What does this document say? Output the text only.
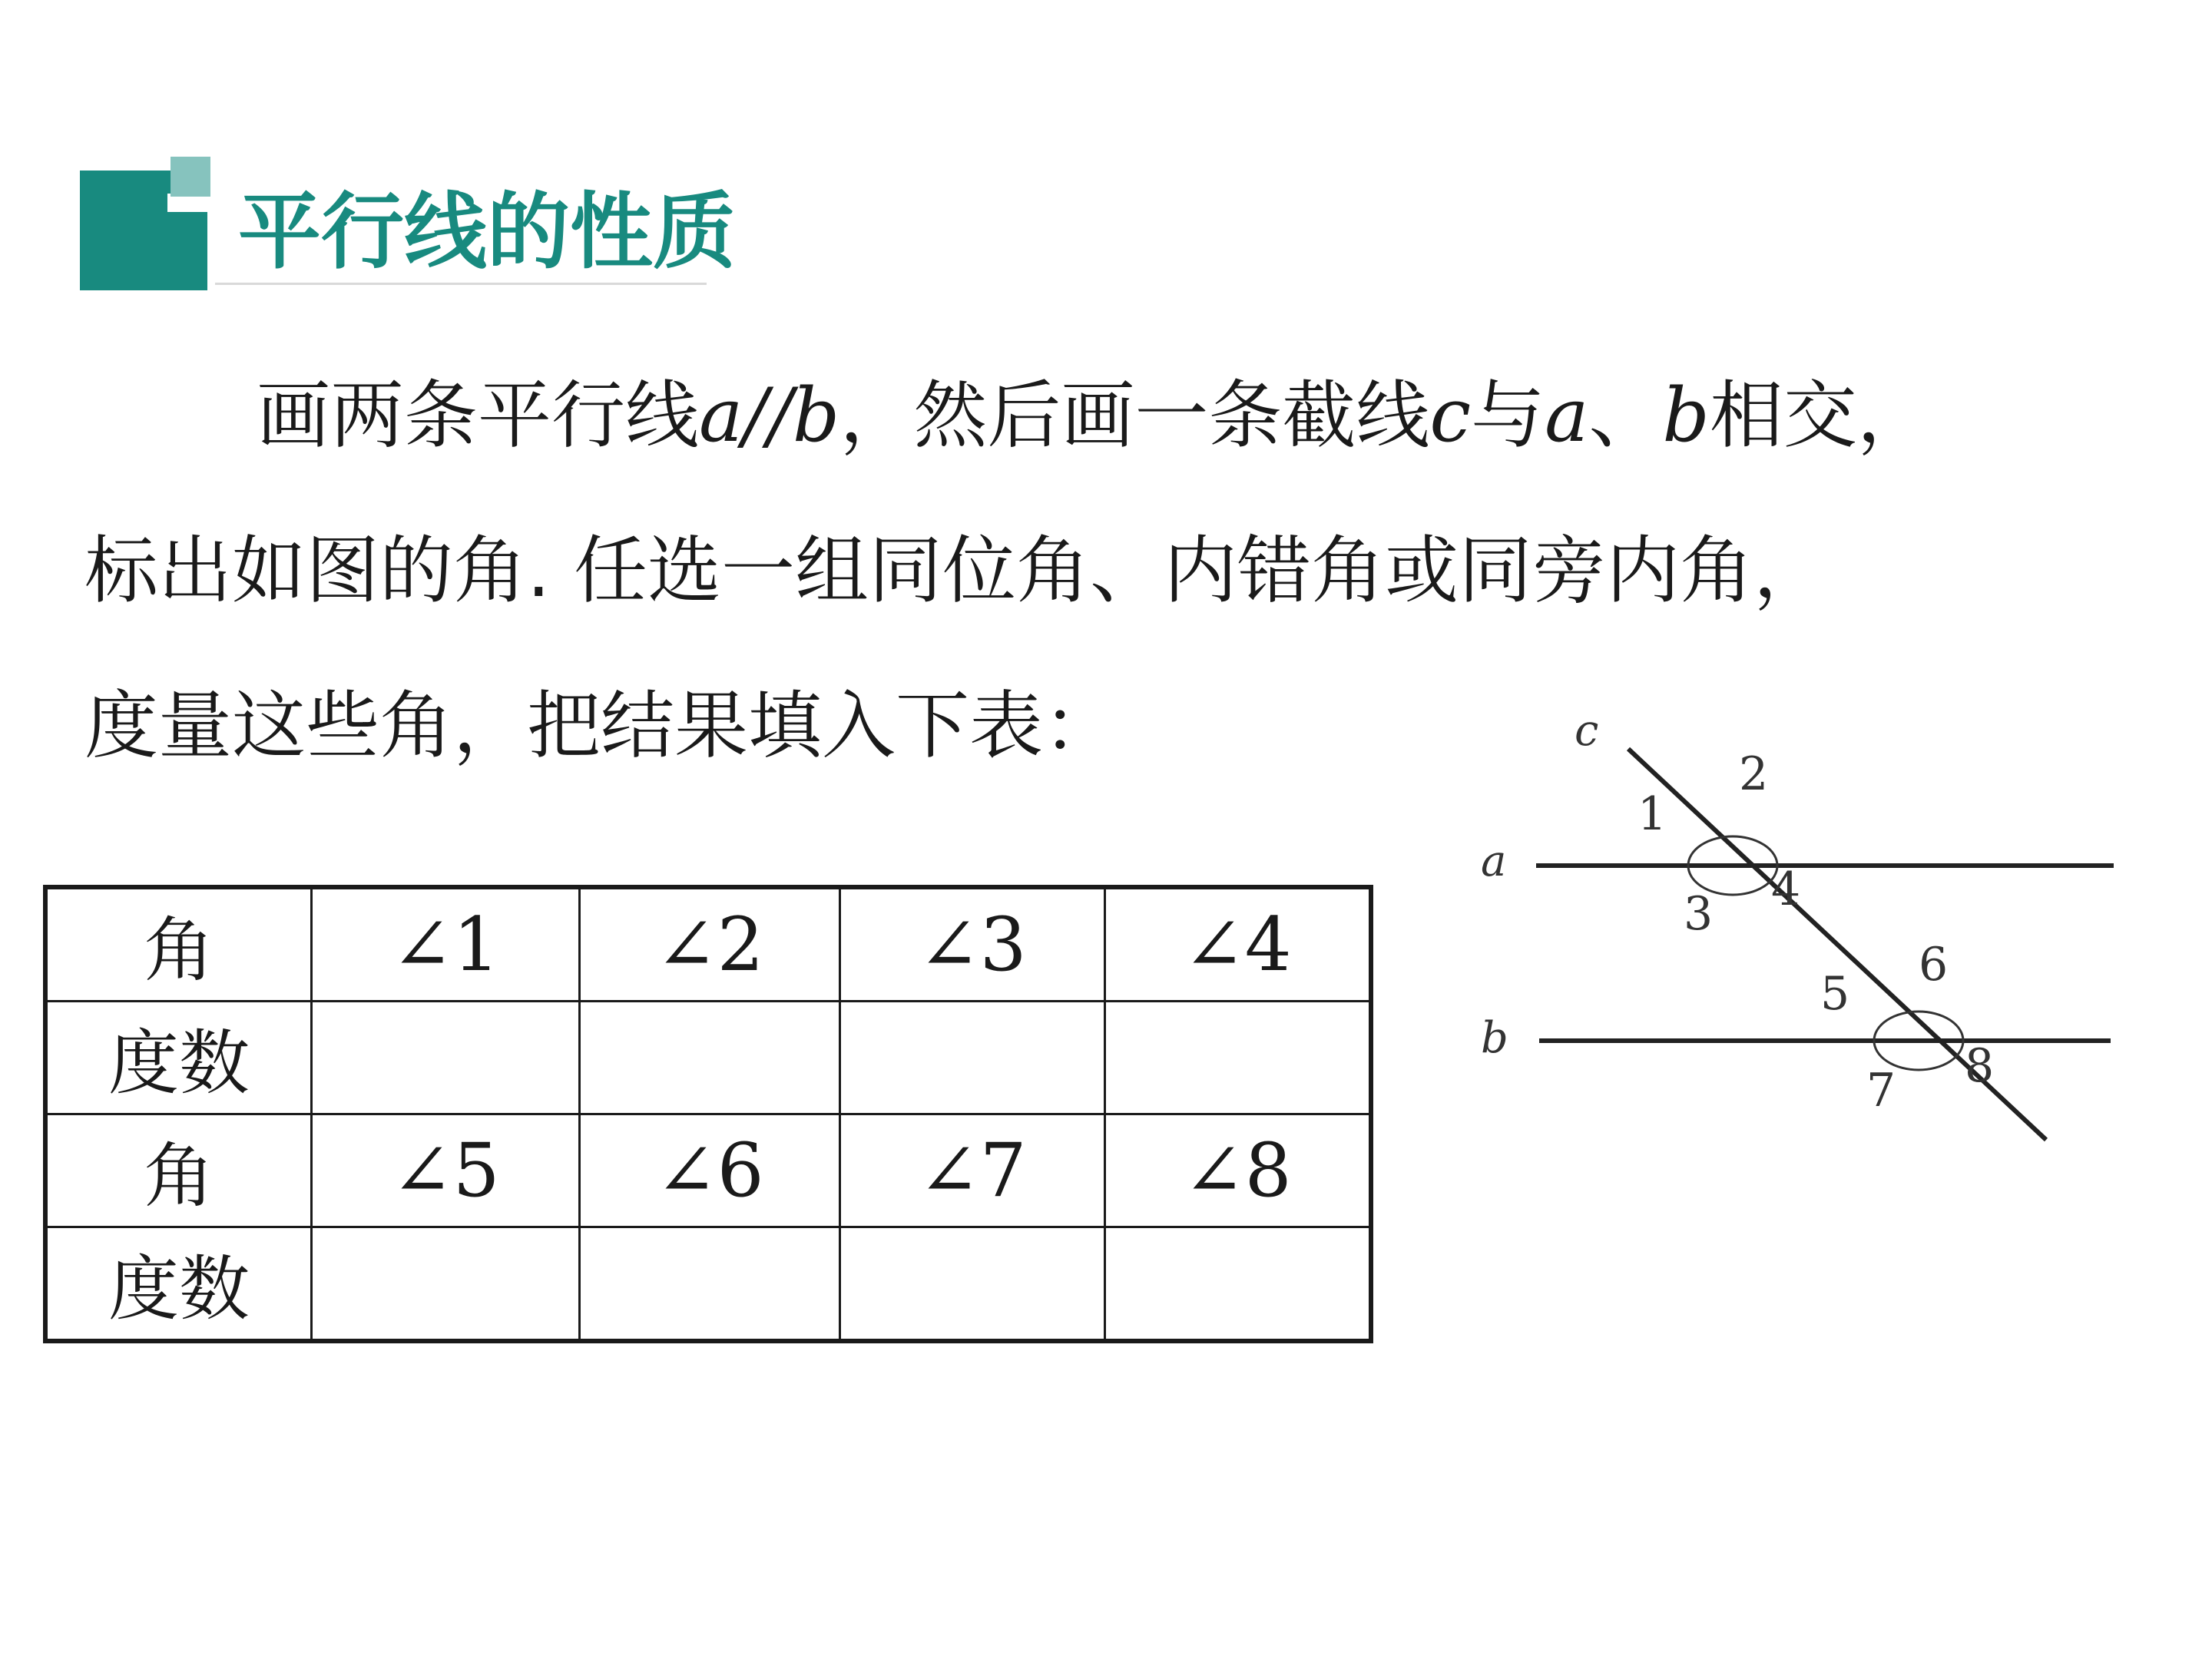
平行线的性质
画两条平行线a//b，然后画一条截线c与a、b相交，
标出如图的角. 任选一组同位角、内错角或同旁内角，
度量这些角，把结果填入下表：
角	∠1	∠2	∠3	∠4
度数				
角	∠5	∠6	∠7	∠8
度数				
a
b
c
1
2
3 4
5
6
7 8
